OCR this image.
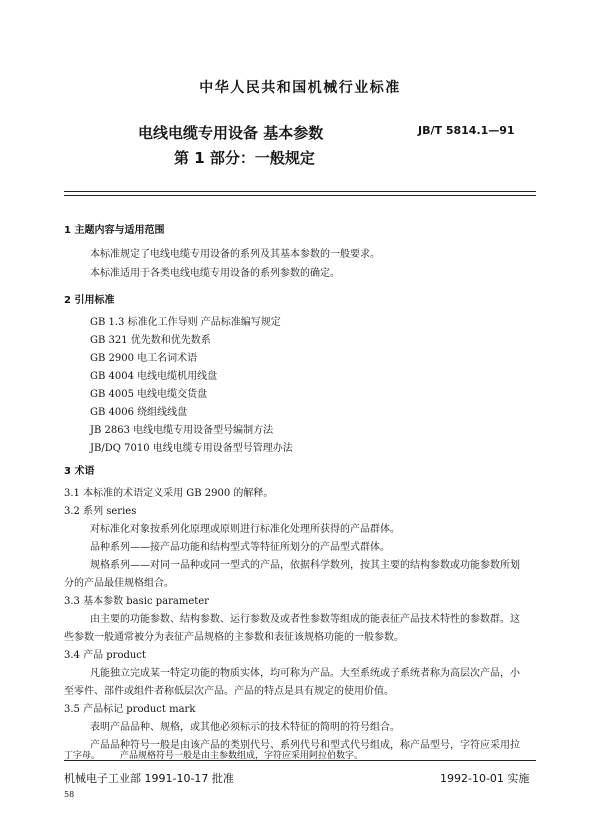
中华人民共和国机械行业标准
电线电缆专用设备 基本参数
第 1 部分：一般规定
JB/T 5814.1—91
1 主题内容与适用范围
本标准规定了电线电缆专用设备的系列及其基本参数的一般要求。
本标准适用于各类电线电缆专用设备的系列参数的确定。
2 引用标准
GB 1.3 标准化工作导则 产品标准编写规定
GB 321 优先数和优先数系
GB 2900 电工名词术语
GB 4004 电线电缆机用线盘
GB 4005 电线电缆交货盘
GB 4006 绕组线线盘
JB 2863 电线电缆专用设备型号编制方法
JB/DQ 7010 电线电缆专用设备型号管理办法
3 术语
3.1 本标准的术语定义采用 GB 2900 的解释。
3.2 系列 series
对标准化对象按系列化原理或原则进行标准化处理所获得的产品群体。
品种系列——接产品功能和结构型式等特征所划分的产品型式群体。
规格系列——对同一品种或同一型式的产品，依据科学数列，按其主要的结构参数或功能参数所划
分的产品最佳规格组合。
3.3 基本参数 basic parameter
由主要的功能参数、结构参数、运行参数及或者性参数等组成的能表征产品技术特性的参数群。这
些参数一般通常被分为表征产品规格的主参数和表征该规格功能的一般参数。
3.4 产品 product
凡能独立完成某一特定功能的物质实体，均可称为产品。大至系统或子系统者称为高层次产品，小
至零件、部件或组件者称低层次产品。产品的特点是具有规定的使用价值。
3.5 产品标记 product mark
表明产品品种、规格，或其他必须标示的技术特征的简明的符号组合。
产品品种符号一般是由该产品的类别代号、系列代号和型式代号组成，称产品型号，字符应采用拉
机械电子工业部 1991-10-17 批准	1992-10-01 实施
58
丁字母。 产品规格符号一般是由主参数组成，字符应采用阿拉伯数字。
